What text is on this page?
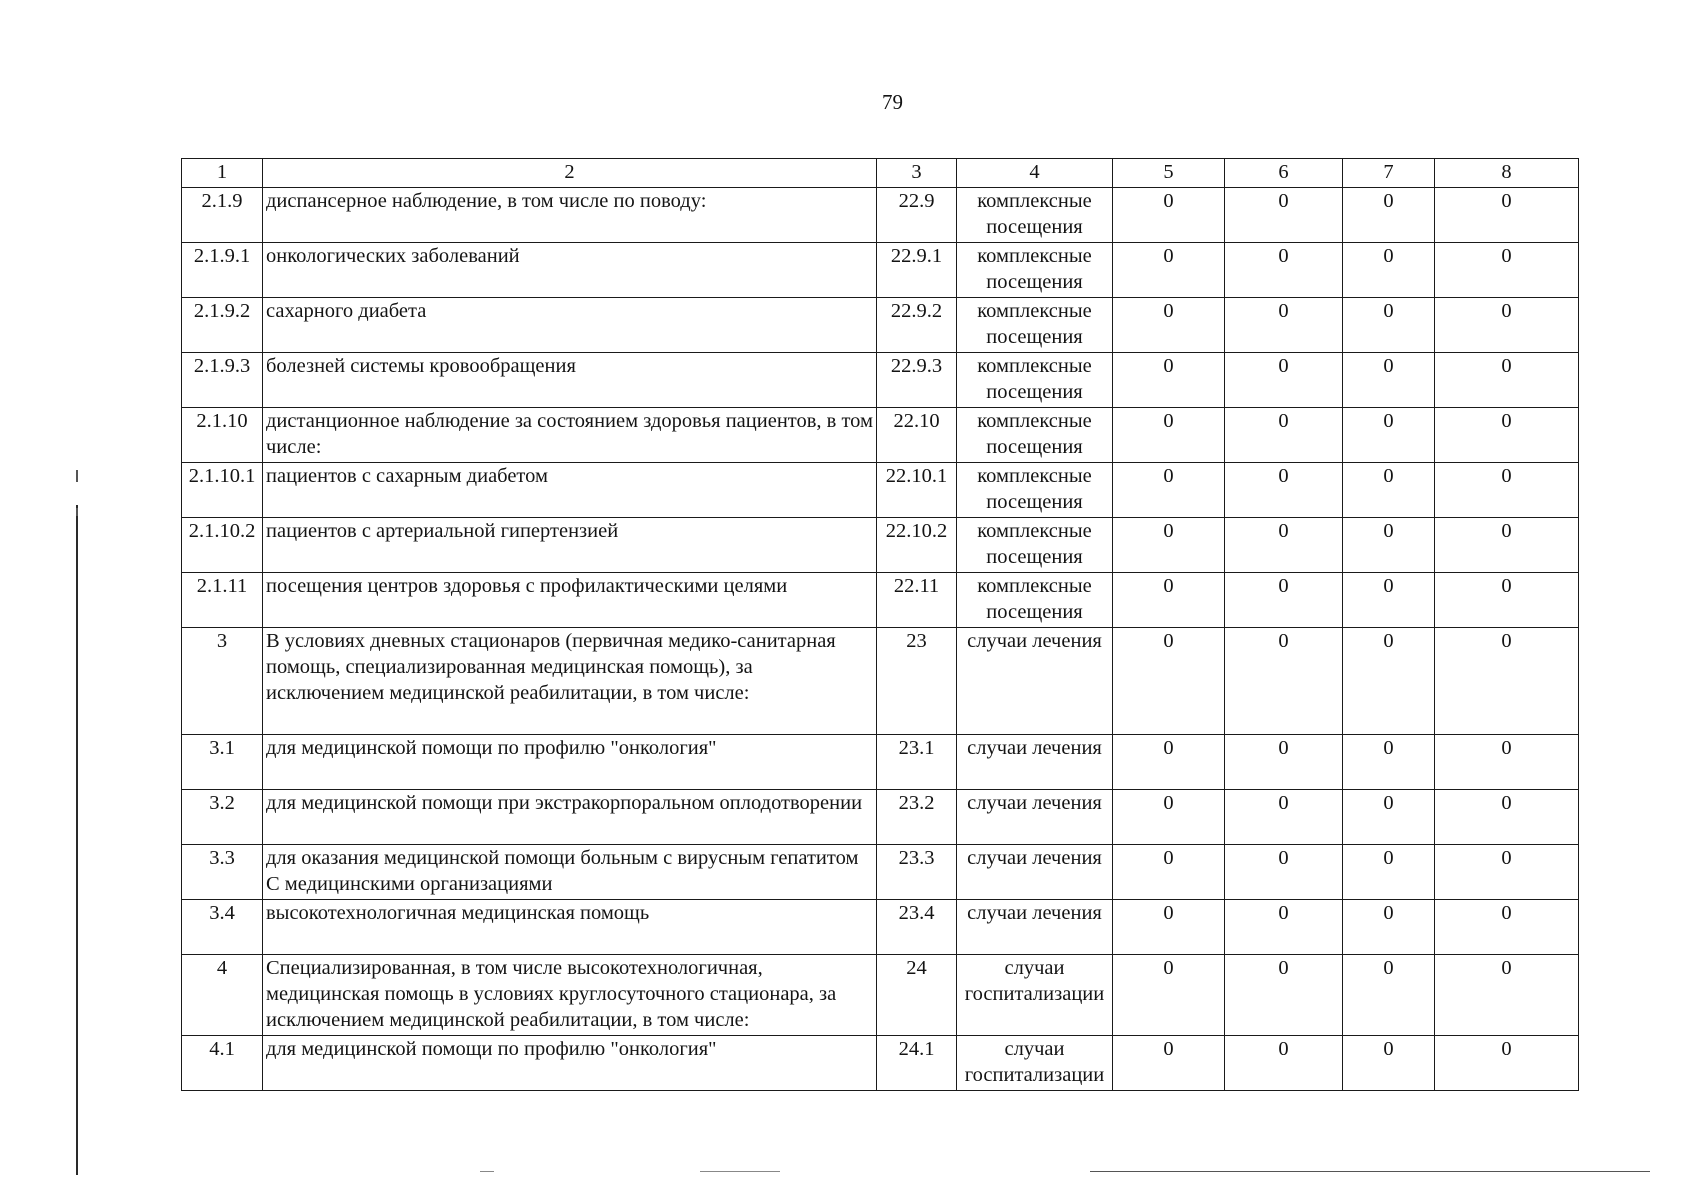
79
1	2	3	4	5	6	7	8
2.1.9	диспансерное наблюдение, в том числе по поводу:	22.9	комплексные посещения	0	0	0	0
2.1.9.1	онкологических заболеваний	22.9.1	комплексные посещения	0	0	0	0
2.1.9.2	сахарного диабета	22.9.2	комплексные посещения	0	0	0	0
2.1.9.3	болезней системы кровообращения	22.9.3	комплексные посещения	0	0	0	0
2.1.10	дистанционное наблюдение за состоянием здоровья пациентов, в том числе:	22.10	комплексные посещения	0	0	0	0
2.1.10.1	пациентов с сахарным диабетом	22.10.1	комплексные посещения	0	0	0	0
2.1.10.2	пациентов с артериальной гипертензией	22.10.2	комплексные посещения	0	0	0	0
2.1.11	посещения центров здоровья с профилактическими целями	22.11	комплексные посещения	0	0	0	0
3	В условиях дневных стационаров (первичная медико-санитарная помощь, специализированная медицинская помощь), за исключением медицинской реабилитации, в том числе:	23	случаи лечения	0	0	0	0
3.1	для медицинской помощи по профилю "онкология"	23.1	случаи лечения	0	0	0	0
3.2	для медицинской помощи при экстракорпоральном оплодотворении	23.2	случаи лечения	0	0	0	0
3.3	для оказания медицинской помощи больным с вирусным гепатитом С медицинскими организациями	23.3	случаи лечения	0	0	0	0
3.4	высокотехнологичная медицинская помощь	23.4	случаи лечения	0	0	0	0
4	Специализированная, в том числе высокотехнологичная, медицинская помощь в условиях круглосуточного стационара, за исключением медицинской реабилитации, в том числе:	24	случаи госпитализации	0	0	0	0
4.1	для медицинской помощи по профилю "онкология"	24.1	случаи госпитализации	0	0	0	0
